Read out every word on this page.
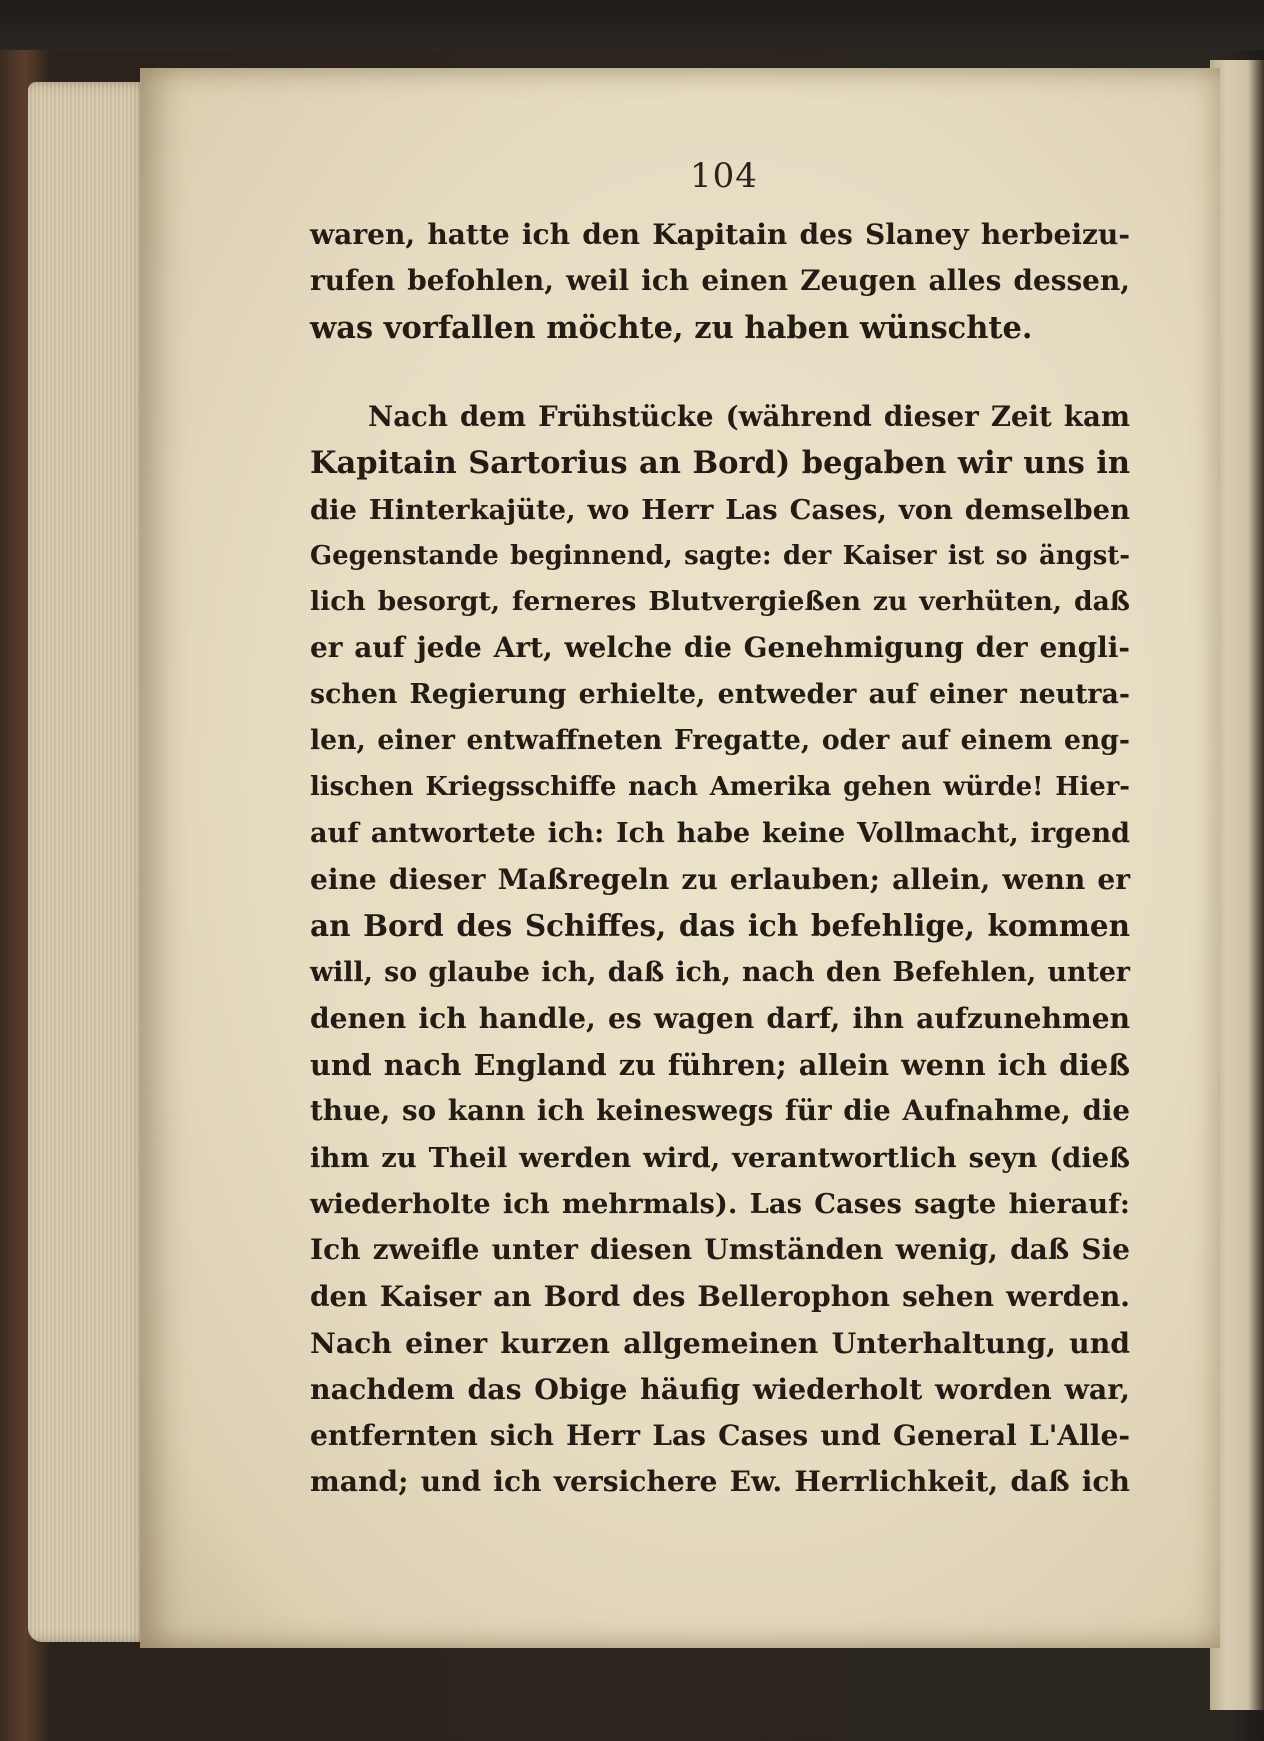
104
waren, hatte ich den Kapitain des Slaney herbeizu-
rufen befohlen, weil ich einen Zeugen alles dessen,
was vorfallen möchte, zu haben wünschte.
Nach dem Frühstücke (während dieser Zeit kam
Kapitain Sartorius an Bord) begaben wir uns in
die Hinterkajüte, wo Herr Las Cases, von demselben
Gegenstande beginnend, sagte: der Kaiser ist so ängst-
lich besorgt, ferneres Blutvergießen zu verhüten, daß
er auf jede Art, welche die Genehmigung der engli-
schen Regierung erhielte, entweder auf einer neutra-
len, einer entwaffneten Fregatte, oder auf einem eng-
lischen Kriegsschiffe nach Amerika gehen würde! Hier-
auf antwortete ich: Ich habe keine Vollmacht, irgend
eine dieser Maßregeln zu erlauben; allein, wenn er
an Bord des Schiffes, das ich befehlige, kommen
will, so glaube ich, daß ich, nach den Befehlen, unter
denen ich handle, es wagen darf, ihn aufzunehmen
und nach England zu führen; allein wenn ich dieß
thue, so kann ich keineswegs für die Aufnahme, die
ihm zu Theil werden wird, verantwortlich seyn (dieß
wiederholte ich mehrmals). Las Cases sagte hierauf:
Ich zweifle unter diesen Umständen wenig, daß Sie
den Kaiser an Bord des Bellerophon sehen werden.
Nach einer kurzen allgemeinen Unterhaltung, und
nachdem das Obige häufig wiederholt worden war,
entfernten sich Herr Las Cases und General L'Alle-
mand; und ich versichere Ew. Herrlichkeit, daß ich
